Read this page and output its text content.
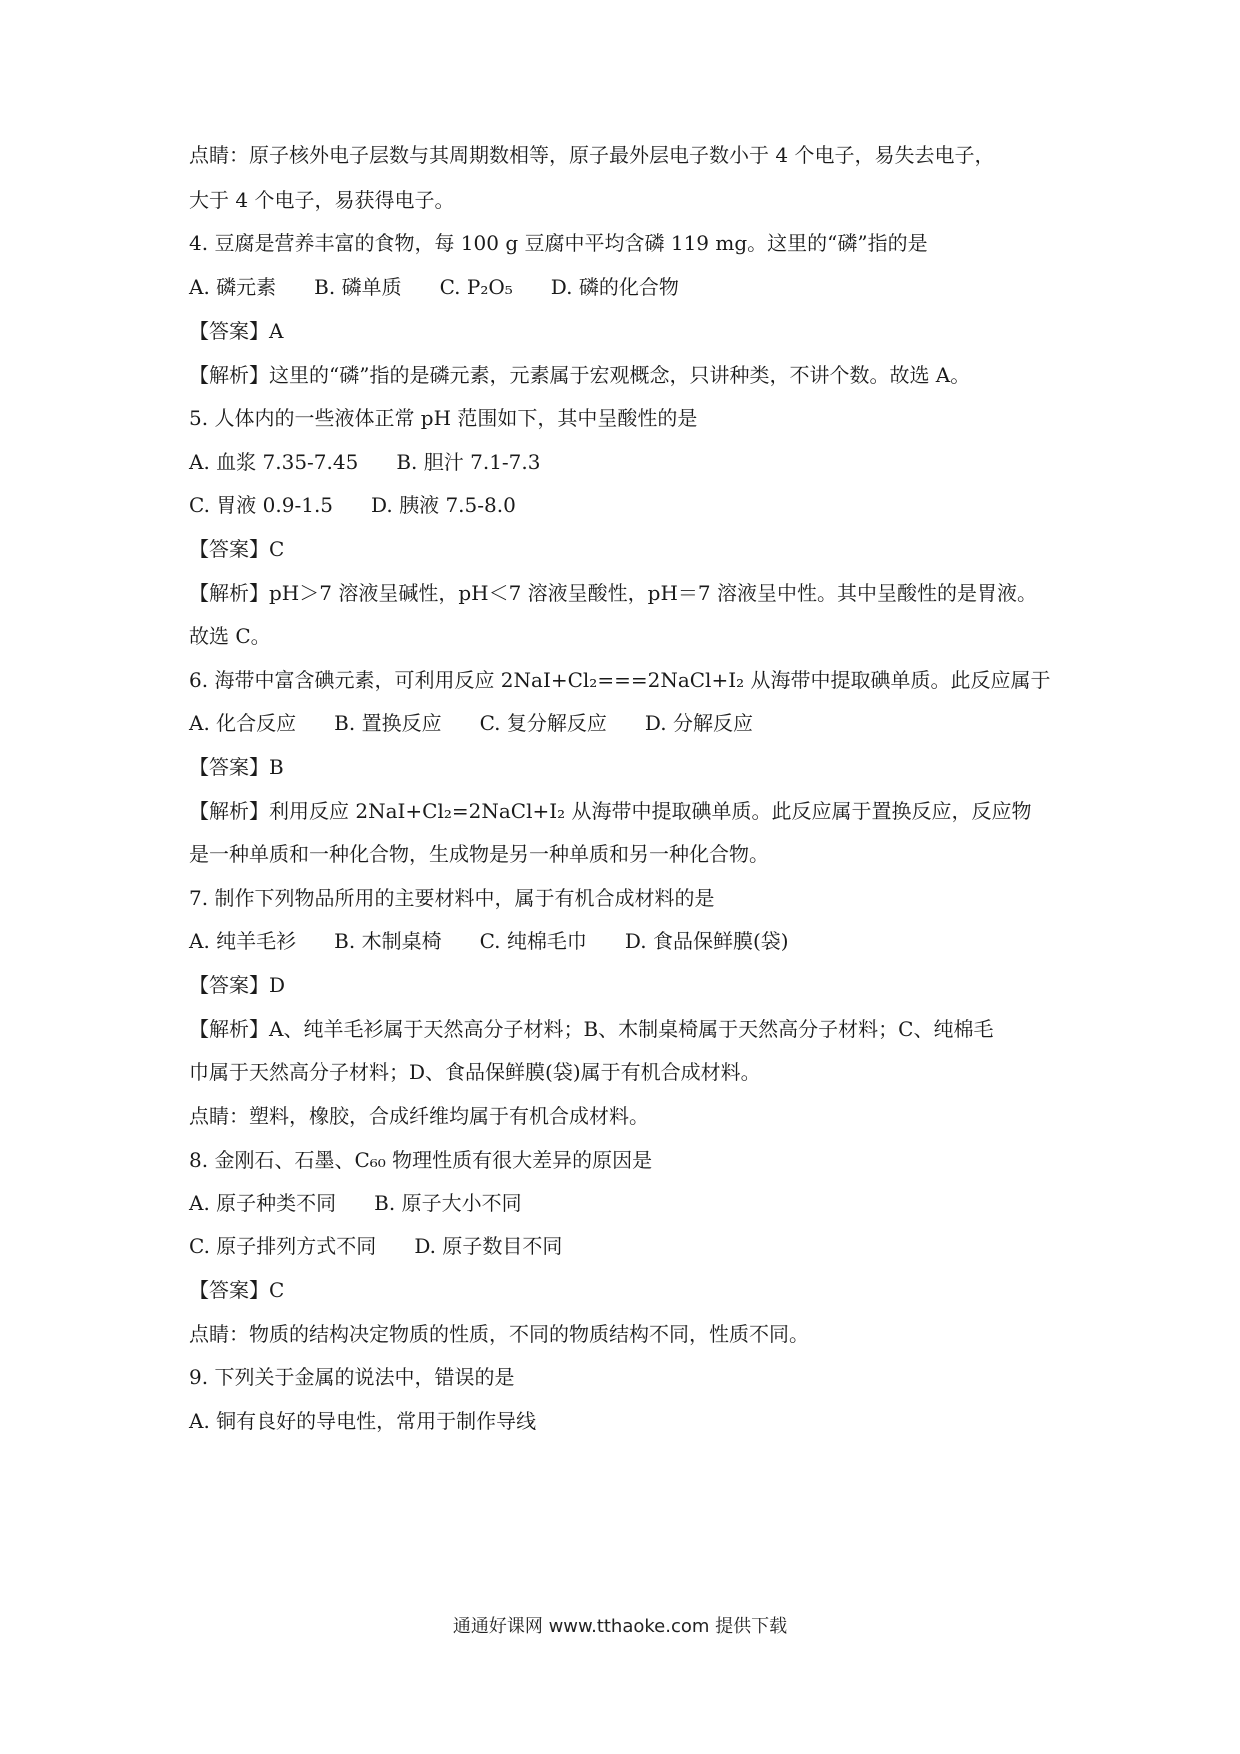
点睛：原子核外电子层数与其周期数相等，原子最外层电子数小于 4 个电子，易失去电子，
大于 4 个电子，易获得电子。
4. 豆腐是营养丰富的食物，每 100 g 豆腐中平均含磷 119 mg。这里的“磷”指的是
A. 磷元素 B. 磷单质 C. P₂O₅ D. 磷的化合物
【答案】A
【解析】这里的“磷”指的是磷元素，元素属于宏观概念，只讲种类，不讲个数。故选 A。
5. 人体内的一些液体正常 pH 范围如下，其中呈酸性的是
A. 血浆 7.35-7.45 B. 胆汁 7.1-7.3
C. 胃液 0.9-1.5 D. 胰液 7.5-8.0
【答案】C
【解析】pH＞7 溶液呈碱性，pH＜7 溶液呈酸性，pH＝7 溶液呈中性。其中呈酸性的是胃液。
故选 C。
6. 海带中富含碘元素，可利用反应 2NaI+Cl₂===2NaCl+I₂ 从海带中提取碘单质。此反应属于
A. 化合反应 B. 置换反应 C. 复分解反应 D. 分解反应
【答案】B
【解析】利用反应 2NaI+Cl₂=2NaCl+I₂ 从海带中提取碘单质。此反应属于置换反应，反应物
是一种单质和一种化合物，生成物是另一种单质和另一种化合物。
7. 制作下列物品所用的主要材料中，属于有机合成材料的是
A. 纯羊毛衫 B. 木制桌椅 C. 纯棉毛巾 D. 食品保鲜膜(袋)
【答案】D
【解析】A、纯羊毛衫属于天然高分子材料；B、木制桌椅属于天然高分子材料；C、纯棉毛
巾属于天然高分子材料；D、食品保鲜膜(袋)属于有机合成材料。
点睛：塑料，橡胶，合成纤维均属于有机合成材料。
8. 金刚石、石墨、C₆₀ 物理性质有很大差异的原因是
A. 原子种类不同 B. 原子大小不同
C. 原子排列方式不同 D. 原子数目不同
【答案】C
点睛：物质的结构决定物质的性质，不同的物质结构不同，性质不同。
9. 下列关于金属的说法中，错误的是
A. 铜有良好的导电性，常用于制作导线
通通好课网 www.tthaoke.com 提供下载
